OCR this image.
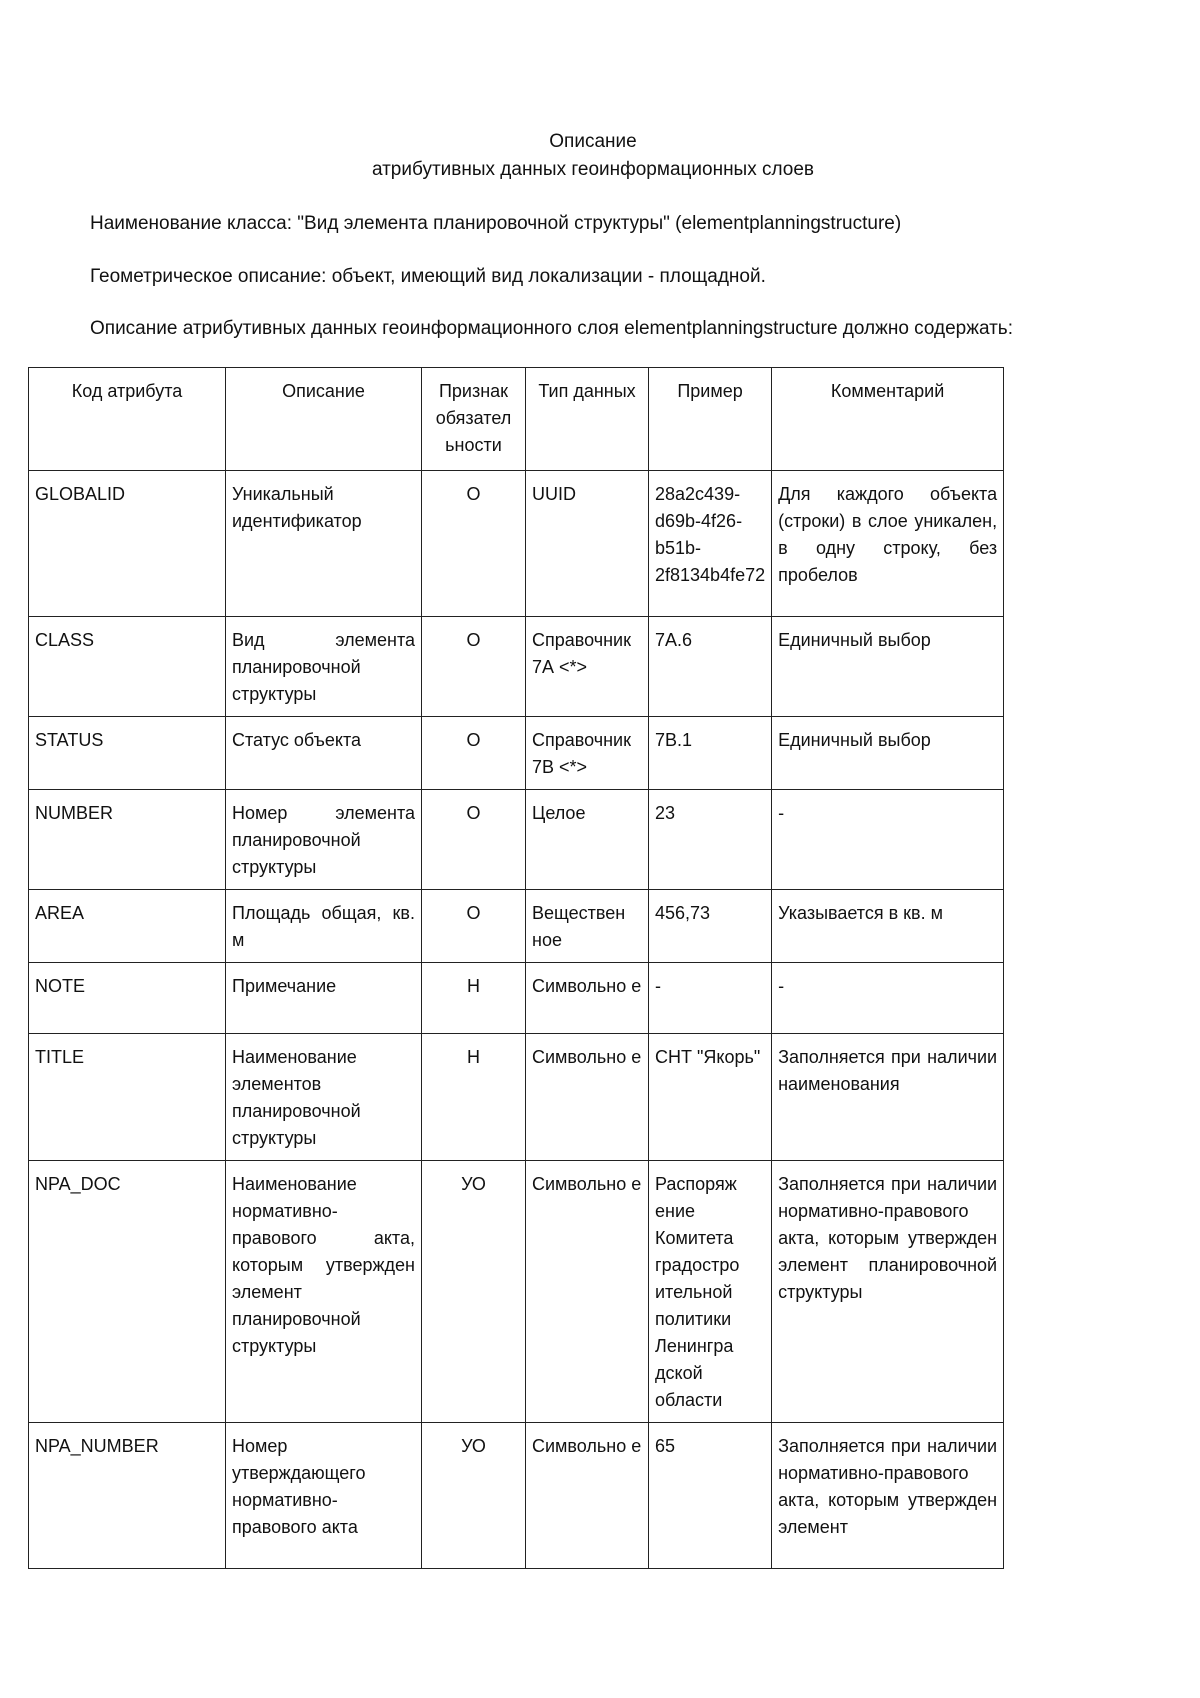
Описание
атрибутивных данных геоинформационных слоев
Наименование класса: "Вид элемента планировочной структуры" (elementplanningstructure)
Геометрическое описание: объект, имеющий вид локализации - площадной.
Описание атрибутивных данных геоинформационного слоя elementplanningstructure должно содержать:
Код атрибута	Описание	Признак обязател ьности	Тип данных	Пример	Комментарий
GLOBALID	Уникальный идентификатор	О	UUID	28a2c439-d69b-4f26-b51b-2f8134b4fe72	Для каждого объекта (строки) в слое уникален, в одну строку, без пробелов
CLASS	Вид элемента планировочной структуры	О	Справочник 7А <*>	7А.6	Единичный выбор
STATUS	Статус объекта	О	Справочник 7В <*>	7В.1	Единичный выбор
NUMBER	Номер элемента планировочной структуры	О	Целое	23	-
AREA	Площадь общая, кв. м	О	Веществен ное	456,73	Указывается в кв. м
NOTE	Примечание	Н	Символьно е	-	-
TITLE	Наименование элементов планировочной структуры	Н	Символьно е	СНТ "Якорь"	Заполняется при наличии наименования
NPA_DOC	Наименование нормативно-правового акта, которым утвержден элемент планировочной структуры	УО	Символьно е	Распоряж ение Комитета градостро ительной политики Ленингра дской области	Заполняется при наличии нормативно-правового акта, которым утвержден элемент планировочной структуры
NPA_NUMBER	Номер утверждающего нормативно-правового акта	УО	Символьно е	65	Заполняется при наличии нормативно-правового акта, которым утвержден элемент
